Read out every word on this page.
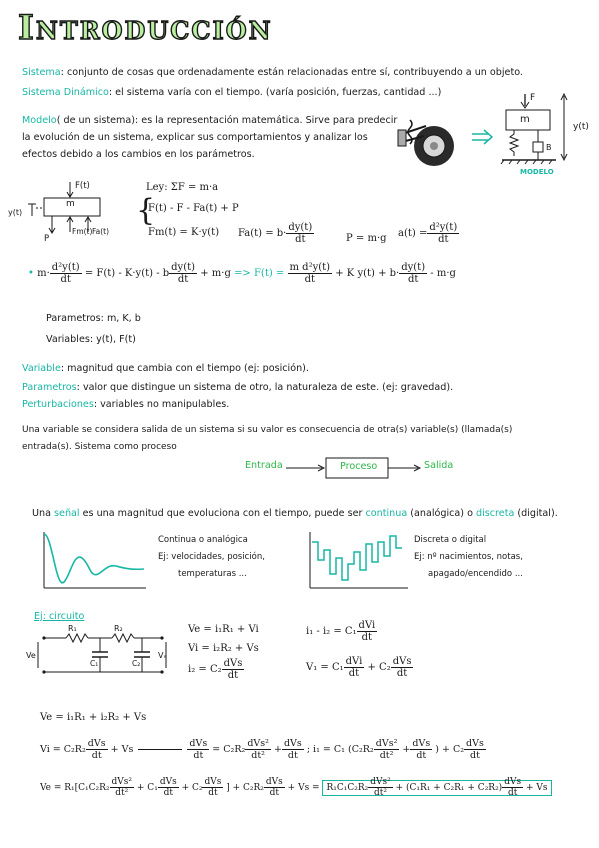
Introducción
Sistema: conjunto de cosas que ordenadamente están relacionadas entre sí, contribuyendo a un objeto.
Sistema Dinámico: el sistema varía con el tiempo. (varía posición, fuerzas, cantidad ...)
Modelo( de un sistema): es la representación matemática. Sirve para predecir
la evolución de un sistema, explicar sus comportamientos y analizar los
efectos debido a los cambios en los parámetros.
F
m
y(t)
B
MODELO
F(t)
m
y(t)
P
Fm(t) Fa(t)
Ley: ΣF = m·a
{
F(t) - F - Fa(t) + P
Fm(t) = K·y(t) $Fa(t) = b\cdot \frac{dy(t)}{dt}$	P = m·g $a(t) = \frac{\text{d²y(t)}}{dt}$
• $m\cdot \frac{\text{d²y(t)}}{dt} = F(t) - K\cdot y(t) - b \frac{dy(t)}{dt} + m\cdot g => F(t) = \frac{\text{m d²y(t)}}{dt} + K$ $y(t) + b\cdot \frac{dy(t)}{dt} - m\cdot g$
Parametros: m, K, b
Variables: y(t), F(t)
Variable: magnitud que cambia con el tiempo (ej: posición).
Parametros: valor que distingue un sistema de otro, la naturaleza de este. (ej: gravedad).
Perturbaciones: variables no manipulables.
Una variable se considera salida de un sistema si su valor es consecuencia de otra(s) variable(s) (llamada(s)
entrada(s). Sistema como proceso
Entrada	Proceso	Salida
Una señal es una magnitud que evoluciona con el tiempo, puede ser continua (analógica) o discreta (digital).
Continua o analógica
Ej: velocidades, posición,
temperaturas ...
Discreta o digital
Ej: nº nacimientos, notas,
apagado/encendido ...
Ej: circuito
R₁	R₂
C₁	C₂
Ve	Vₛ
Ve = i₁R₁ + Vi
Vi = i₂R₂ + Vs
$i_2 = C_2 \frac{\text{dVs}}{dt}$
$i_1 - i_2 = C_1 \frac{\text{dVi}}{dt}$
$V_1 = C_1 \frac{\text{dVi}}{dt} + C_2 \frac{\text{dVs}}{dt}$
Ve = i₁R₁ + i₂R₂ + Vs
$Vi = C_2R_2 \frac{\text{dVs}}{dt} + Vs$	$\frac{\text{dVs}}{dt} = C_2R_2 \frac{\text{dVs²}}{\text{dt²}} + \frac{\text{dVs}}{dt}$ ; i₁ = C₁ ($C_2R_2 \frac{\text{dVs²}}{\text{dt²}} + \frac{\text{dVs}}{dt}$ ) + $C_2 \frac{\text{dVs}}{dt}$
$Ve = R_1[C_1C_2R_2 \frac{\text{dVs²}}{\text{dt²}} + C_1 \frac{\text{dVs}}{dt} + C_2 \frac{\text{dVs}}{dt}$ ] + $C_2R_2 \frac{\text{dVs}}{dt} + Vs = R_1C_1C_2R_2 \frac{\text{dVs²}}{\text{dt²}} + (C_1R_1 + C_2R_1 + C_2R_2) \frac{\text{dVs}}{dt} + Vs$
